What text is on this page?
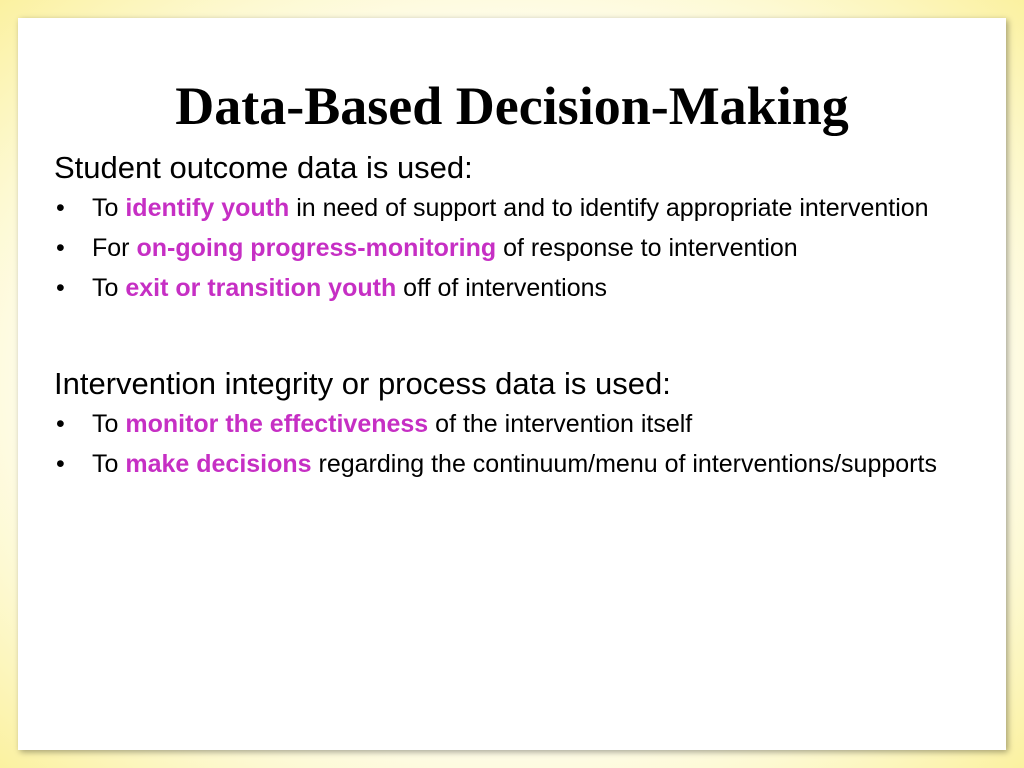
Data-Based Decision-Making

Student outcome data is used:

•	To identify youth in need of support and to identify appropriate intervention
•	For on-going progress-monitoring of response to intervention
•	To exit or transition youth off of interventions

Intervention integrity or process data is used:

•	To monitor the effectiveness of the intervention itself
•	To make decisions regarding the continuum/menu of interventions/supports
